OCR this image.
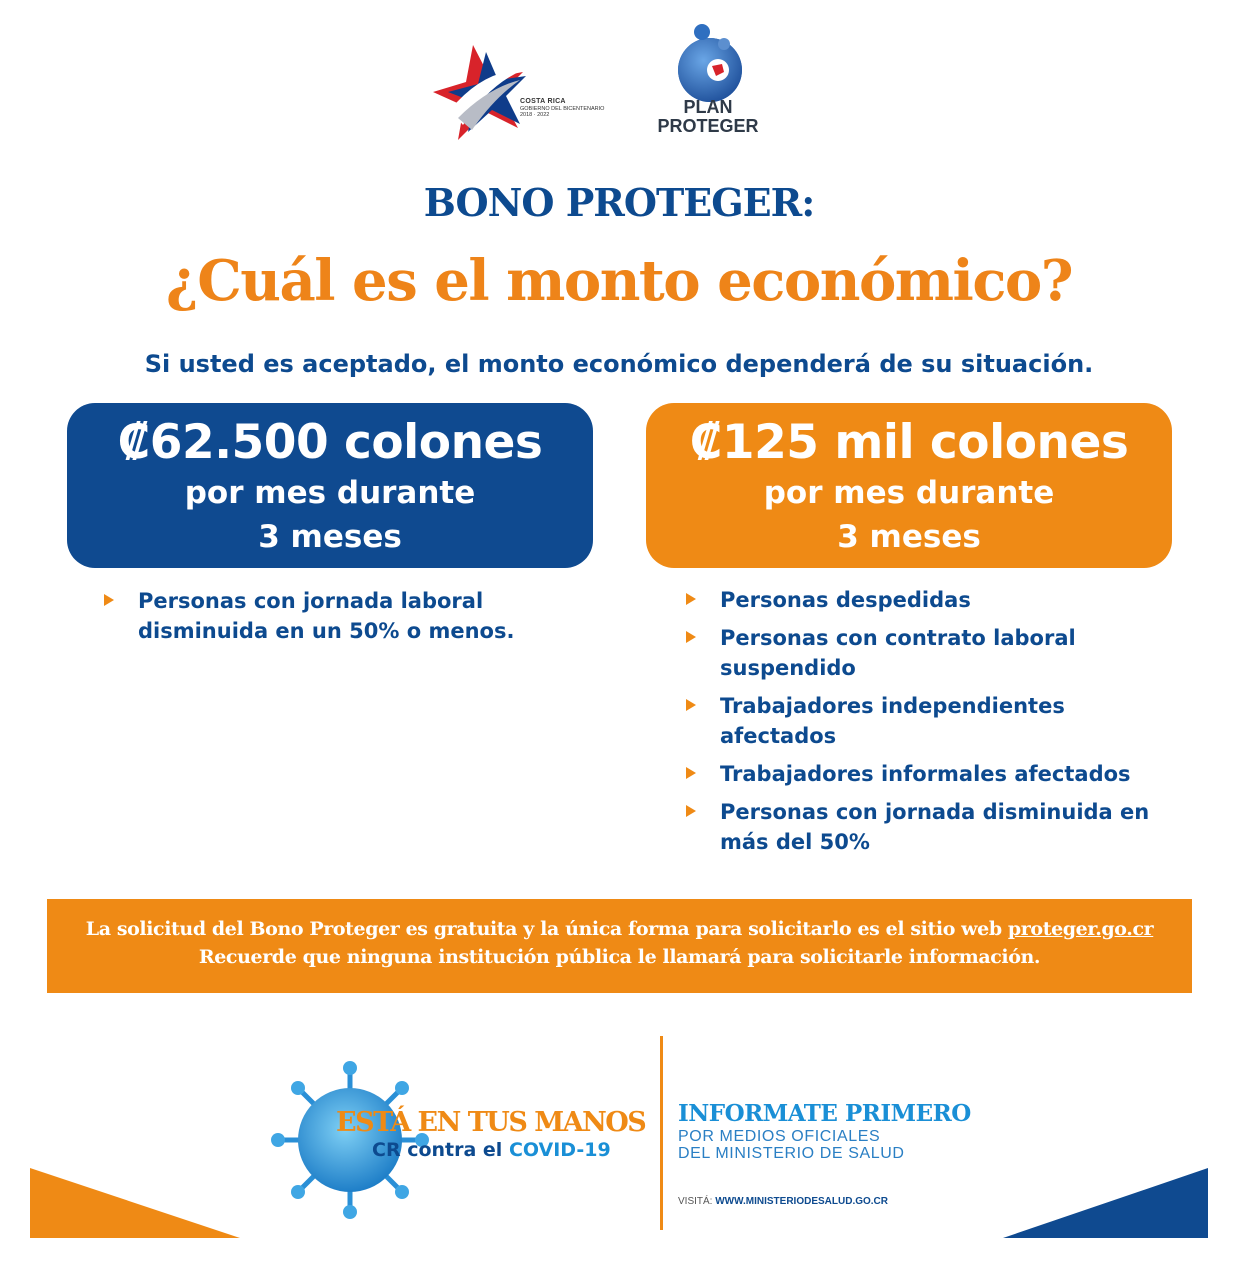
COSTA RICA
GOBIERNO DEL BICENTENARIO
2018 · 2022	PLAN
PROTEGER
BONO PROTEGER:
¿Cuál es el monto económico?
Si usted es aceptado, el monto económico dependerá de su situación.
₡62.500 colones
por mes durante
3 meses
₡125 mil colones
por mes durante
3 meses
Personas con jornada laboral disminuida en un 50% o menos.
Personas despedidas
Personas con contrato laboral suspendido
Trabajadores independientes afectados
Trabajadores informales afectados
Personas con jornada disminuida en más del 50%
La solicitud del Bono Proteger es gratuita y la única forma para solicitarlo es el sitio web proteger.go.cr
Recuerde que ninguna institución pública le llamará para solicitarle información.
ESTÁ EN TUS MANOS
CR contra el COVID-19
INFORMATE PRIMERO
POR MEDIOS OFICIALES
DEL MINISTERIO DE SALUD
VISITÁ: WWW.MINISTERIODESALUD.GO.CR
